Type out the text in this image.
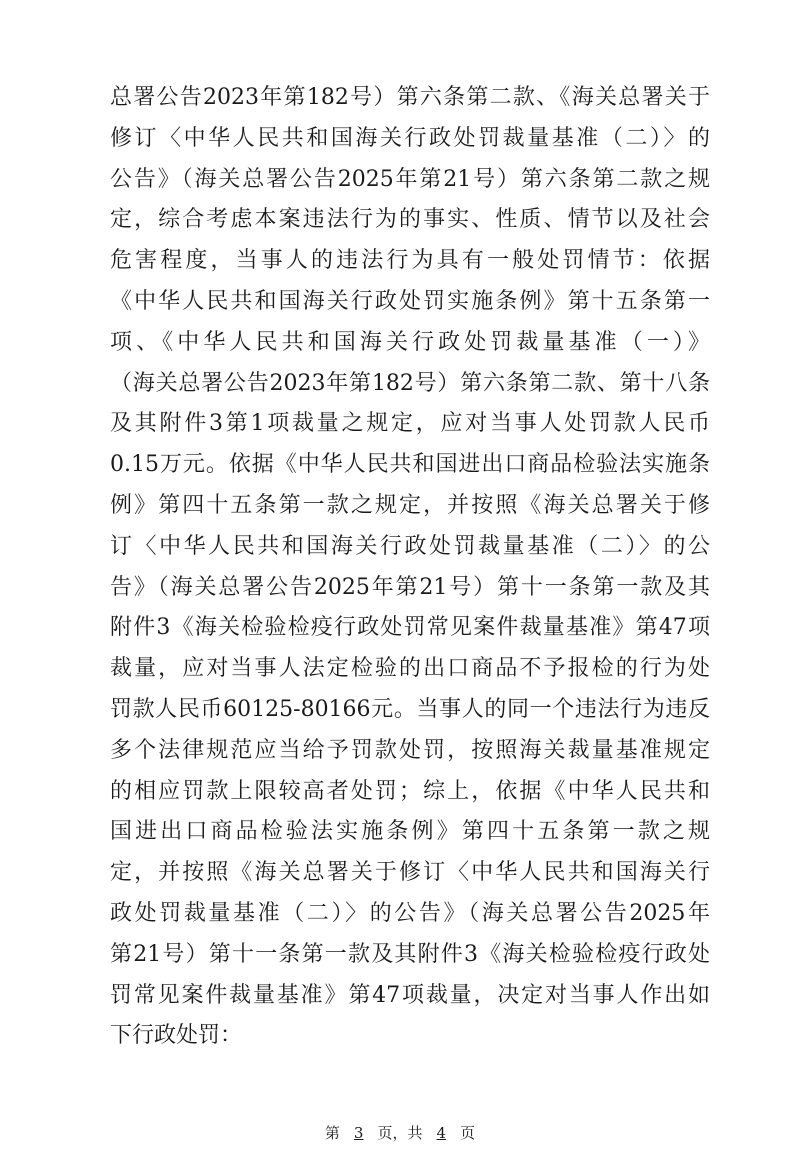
总署公告2023年第182号）第六条第二款、《海关总署关于
修订〈中华人民共和国海关行政处罚裁量基准（二）〉的
公告》（海关总署公告2025年第21号）第六条第二款之规
定，综合考虑本案违法行为的事实、性质、情节以及社会
危害程度，当事人的违法行为具有一般处罚情节：依据
《中华人民共和国海关行政处罚实施条例》第十五条第一
项、《中华人民共和国海关行政处罚裁量基准（一）》
（海关总署公告2023年第182号）第六条第二款、第十八条
及其附件3第1项裁量之规定，应对当事人处罚款人民币
0.15万元。依据《中华人民共和国进出口商品检验法实施条
例》第四十五条第一款之规定，并按照《海关总署关于修
订〈中华人民共和国海关行政处罚裁量基准（二）〉的公
告》（海关总署公告2025年第21号）第十一条第一款及其
附件3《海关检验检疫行政处罚常见案件裁量基准》第47项
裁量，应对当事人法定检验的出口商品不予报检的行为处
罚款人民币60125-80166元。当事人的同一个违法行为违反
多个法律规范应当给予罚款处罚，按照海关裁量基准规定
的相应罚款上限较高者处罚；综上，依据《中华人民共和
国进出口商品检验法实施条例》第四十五条第一款之规
定，并按照《海关总署关于修订〈中华人民共和国海关行
政处罚裁量基准（二）〉的公告》（海关总署公告2025年
第21号）第十一条第一款及其附件3《海关检验检疫行政处
罚常见案件裁量基准》第47项裁量，决定对当事人作出如
下行政处罚：
第 3 页，共 4 页
